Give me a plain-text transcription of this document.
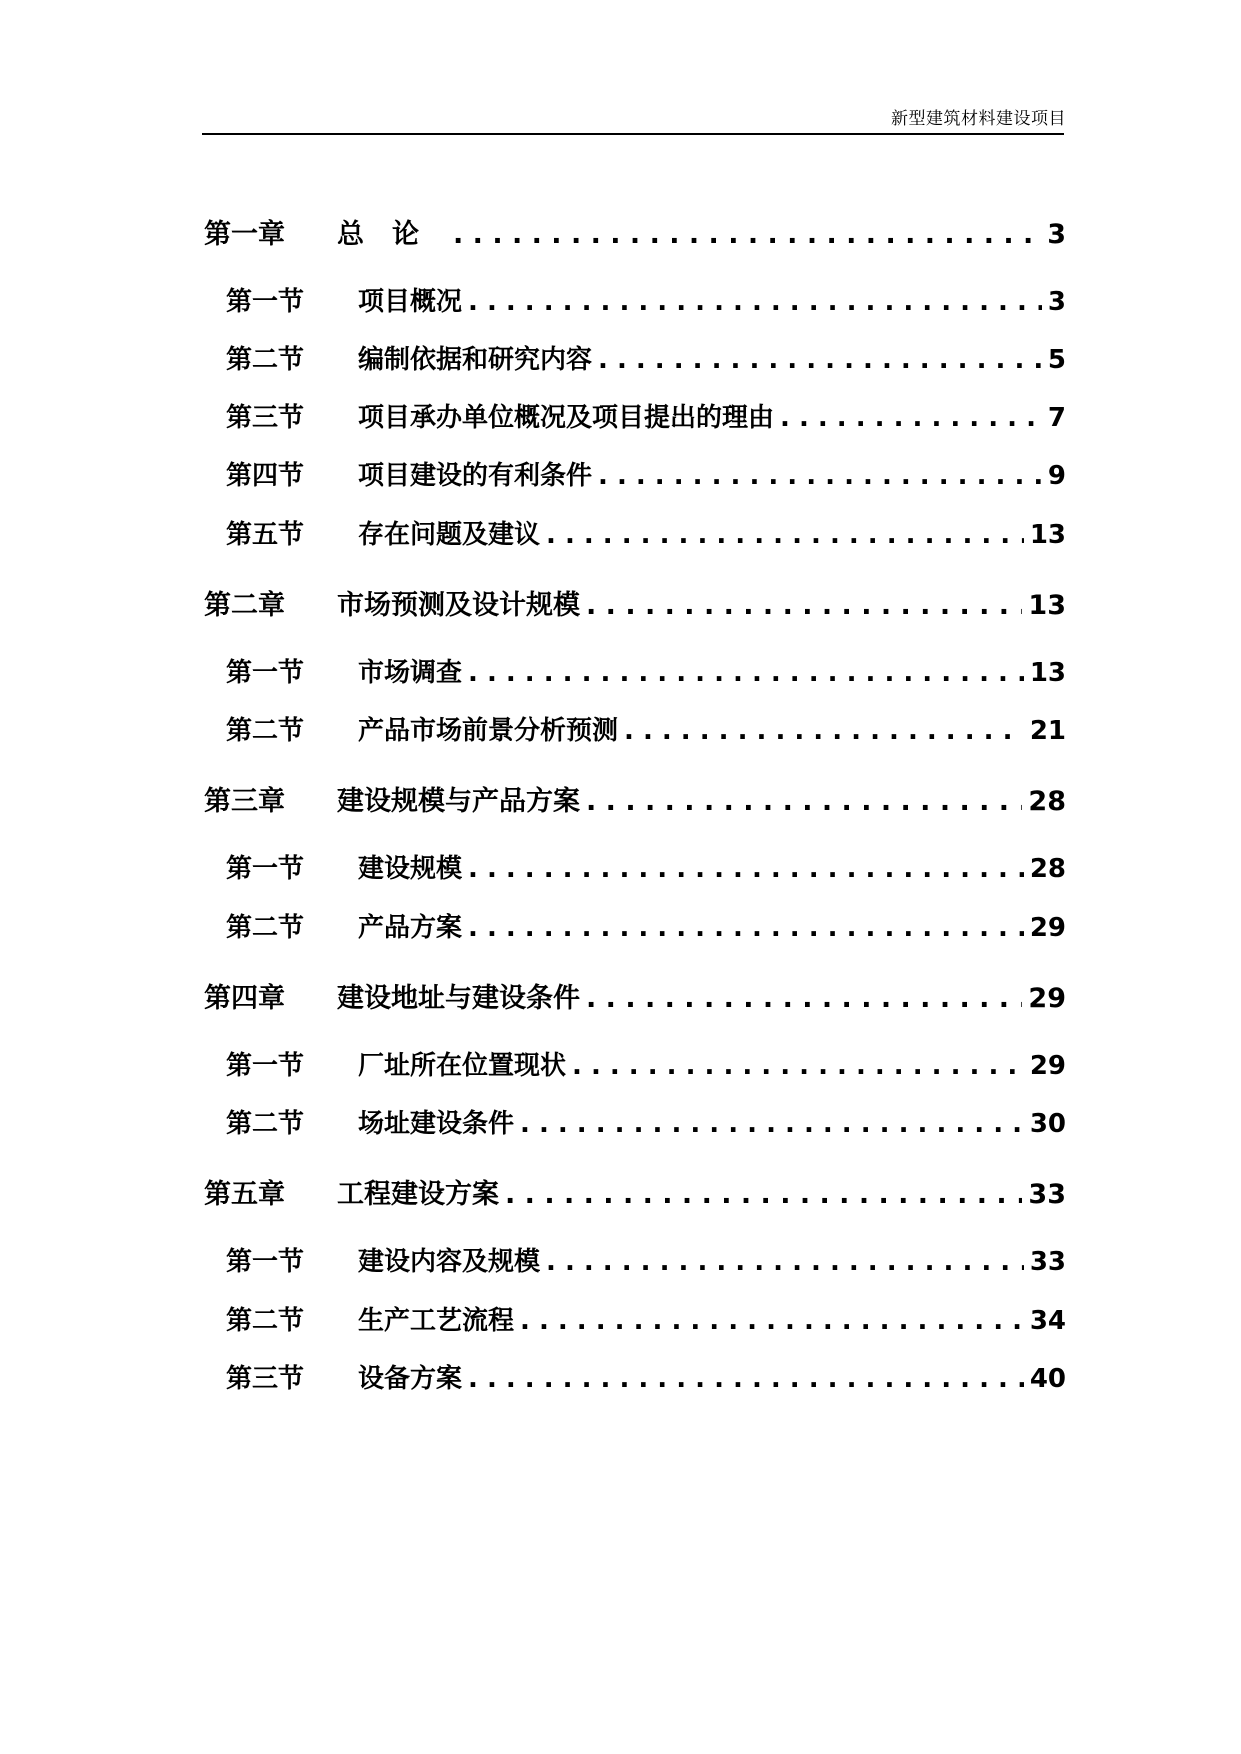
新型建筑材料建设项目
第一章	总论 . . .	3
第一节	项目概况 . . .	3
第二节	编制依据和研究内容 . . .	5
第三节	项目承办单位概况及项目提出的理由 . . .	7
第四节	项目建设的有利条件 . . .	9
第五节	存在问题及建议 . . .	13
第二章	市场预测及设计规模 . . .	13
第一节	市场调查 . . .	13
第二节	产品市场前景分析预测 . . .	21
第三章	建设规模与产品方案 . . .	28
第一节	建设规模 . . .	28
第二节	产品方案 . . .	29
第四章	建设地址与建设条件 . . .	29
第一节	厂址所在位置现状 . . .	29
第二节	场址建设条件 . . .	30
第五章	工程建设方案 . . .	33
第一节	建设内容及规模 . . .	33
第二节	生产工艺流程 . . .	34
第三节	设备方案 . . .	40
